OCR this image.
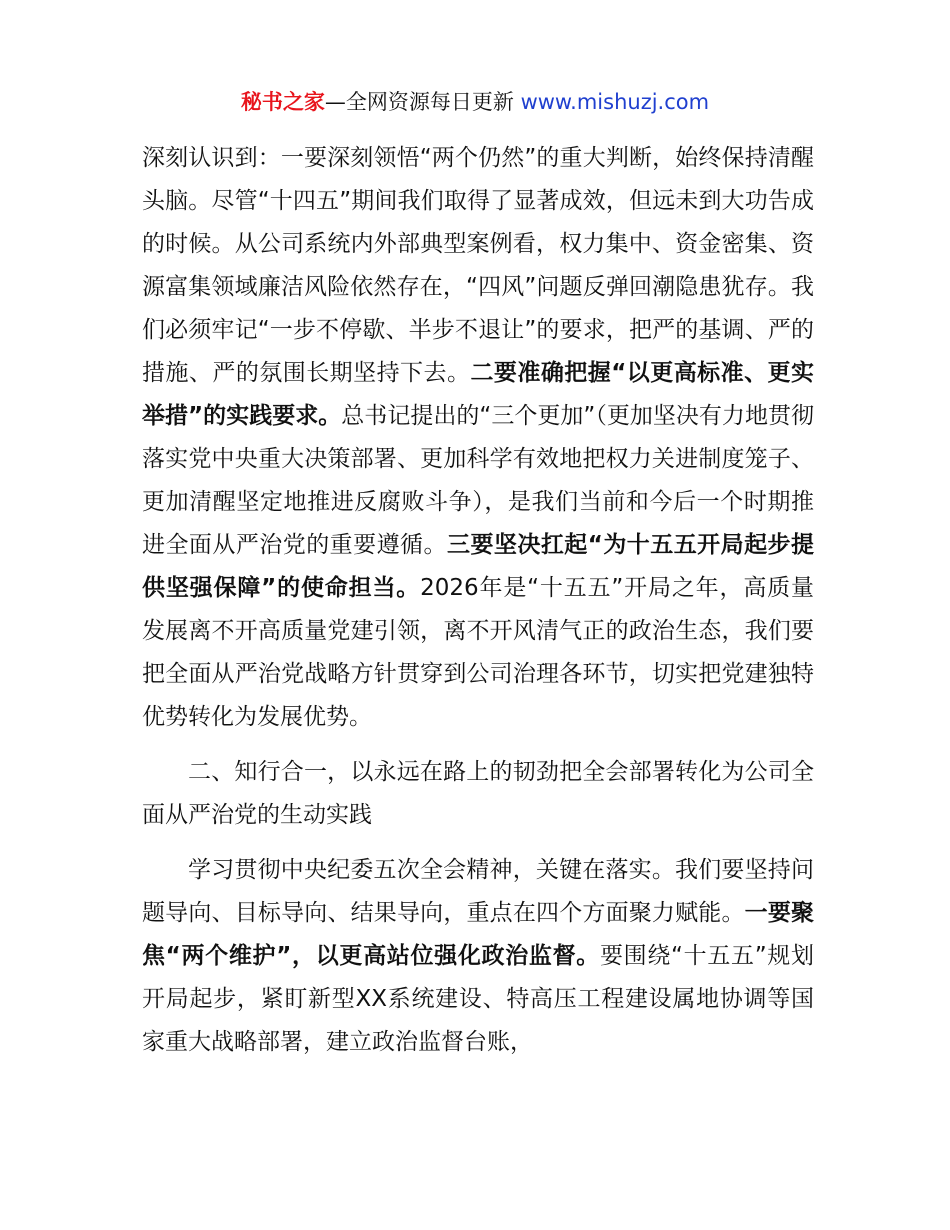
秘书之家—全网资源每日更新 www.mishuzj.com

深刻认识到：一要深刻领悟“两个仍然”的重大判断，始终保持清醒头脑。尽管“十四五”期间我们取得了显著成效，但远未到大功告成的时候。从公司系统内外部典型案例看，权力集中、资金密集、资源富集领域廉洁风险依然存在，“四风”问题反弹回潮隐患犹存。我们必须牢记“一步不停歇、半步不退让”的要求，把严的基调、严的措施、严的氛围长期坚持下去。二要准确把握“以更高标准、更实举措”的实践要求。总书记提出的“三个更加”（更加坚决有力地贯彻落实党中央重大决策部署、更加科学有效地把权力关进制度笼子、更加清醒坚定地推进反腐败斗争），是我们当前和今后一个时期推进全面从严治党的重要遵循。三要坚决扛起“为十五五开局起步提供坚强保障”的使命担当。2026年是“十五五”开局之年，高质量发展离不开高质量党建引领，离不开风清气正的政治生态，我们要把全面从严治党战略方针贯穿到公司治理各环节，切实把党建独特优势转化为发展优势。

二、知行合一，以永远在路上的韧劲把全会部署转化为公司全面从严治党的生动实践

学习贯彻中央纪委五次全会精神，关键在落实。我们要坚持问题导向、目标导向、结果导向，重点在四个方面聚力赋能。一要聚焦“两个维护”，以更高站位强化政治监督。要围绕“十五五”规划开局起步，紧盯新型XX系统建设、特高压工程建设属地协调等国家重大战略部署，建立政治监督台账，
